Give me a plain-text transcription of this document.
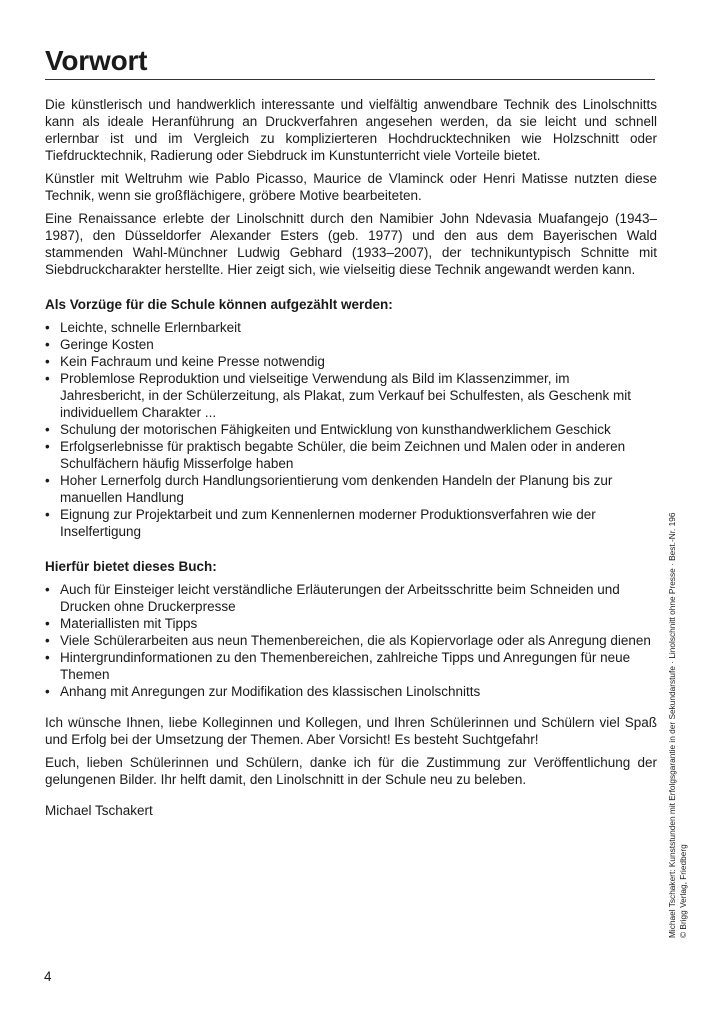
Vorwort

Die künstlerisch und handwerklich interessante und vielfältig anwendbare Technik des Linolschnitts kann als ideale Heranführung an Druckverfahren angesehen werden, da sie leicht und schnell erlernbar ist und im Vergleich zu komplizierteren Hochdrucktechniken wie Holzschnitt oder Tiefdrucktechnik, Radierung oder Siebdruck im Kunstunterricht viele Vorteile bietet.

Künstler mit Weltruhm wie Pablo Picasso, Maurice de Vlaminck oder Henri Matisse nutzten diese Technik, wenn sie großflächigere, gröbere Motive bearbeiteten.

Eine Renaissance erlebte der Linolschnitt durch den Namibier John Ndevasia Muafangejo (1943–1987), den Düsseldorfer Alexander Esters (geb. 1977) und den aus dem Bayerischen Wald stammenden Wahl-Münchner Ludwig Gebhard (1933–2007), der technikuntypisch Schnitte mit Siebdruckcharakter herstellte. Hier zeigt sich, wie vielseitig diese Technik angewandt werden kann.

Als Vorzüge für die Schule können aufgezählt werden:
• Leichte, schnelle Erlernbarkeit
• Geringe Kosten
• Kein Fachraum und keine Presse notwendig
• Problemlose Reproduktion und vielseitige Verwendung als Bild im Klassenzimmer, im Jahresbericht, in der Schülerzeitung, als Plakat, zum Verkauf bei Schulfesten, als Geschenk mit individuellem Charakter ...
• Schulung der motorischen Fähigkeiten und Entwicklung von kunsthandwerklichem Geschick
• Erfolgserlebnisse für praktisch begabte Schüler, die beim Zeichnen und Malen oder in anderen Schulfächern häufig Misserfolge haben
• Hoher Lernerfolg durch Handlungsorientierung vom denkenden Handeln der Planung bis zur manuellen Handlung
• Eignung zur Projektarbeit und zum Kennenlernen moderner Produktionsverfahren wie der Inselfertigung
Hierfür bietet dieses Buch:
• Auch für Einsteiger leicht verständliche Erläuterungen der Arbeitsschritte beim Schneiden und Drucken ohne Druckerpresse
• Materiallisten mit Tipps
• Viele Schülerarbeiten aus neun Themenbereichen, die als Kopiervorlage oder als Anregung dienen
• Hintergrundinformationen zu den Themenbereichen, zahlreiche Tipps und Anregungen für neue Themen
• Anhang mit Anregungen zur Modifikation des klassischen Linolschnitts

Ich wünsche Ihnen, liebe Kolleginnen und Kollegen, und Ihren Schülerinnen und Schülern viel Spaß und Erfolg bei der Umsetzung der Themen. Aber Vorsicht! Es besteht Suchtgefahr!

Euch, lieben Schülerinnen und Schülern, danke ich für die Zustimmung zur Veröffentlichung der gelungenen Bilder. Ihr helft damit, den Linolschnitt in der Schule neu zu beleben.

Michael Tschakert

4
Michael Tschakert: Kunststunden mit Erfolgsgarantie in der Sekundarstufe · Linolschnitt ohne Presse · Best.-Nr. 196 © Brigg Verlag, Friedberg
